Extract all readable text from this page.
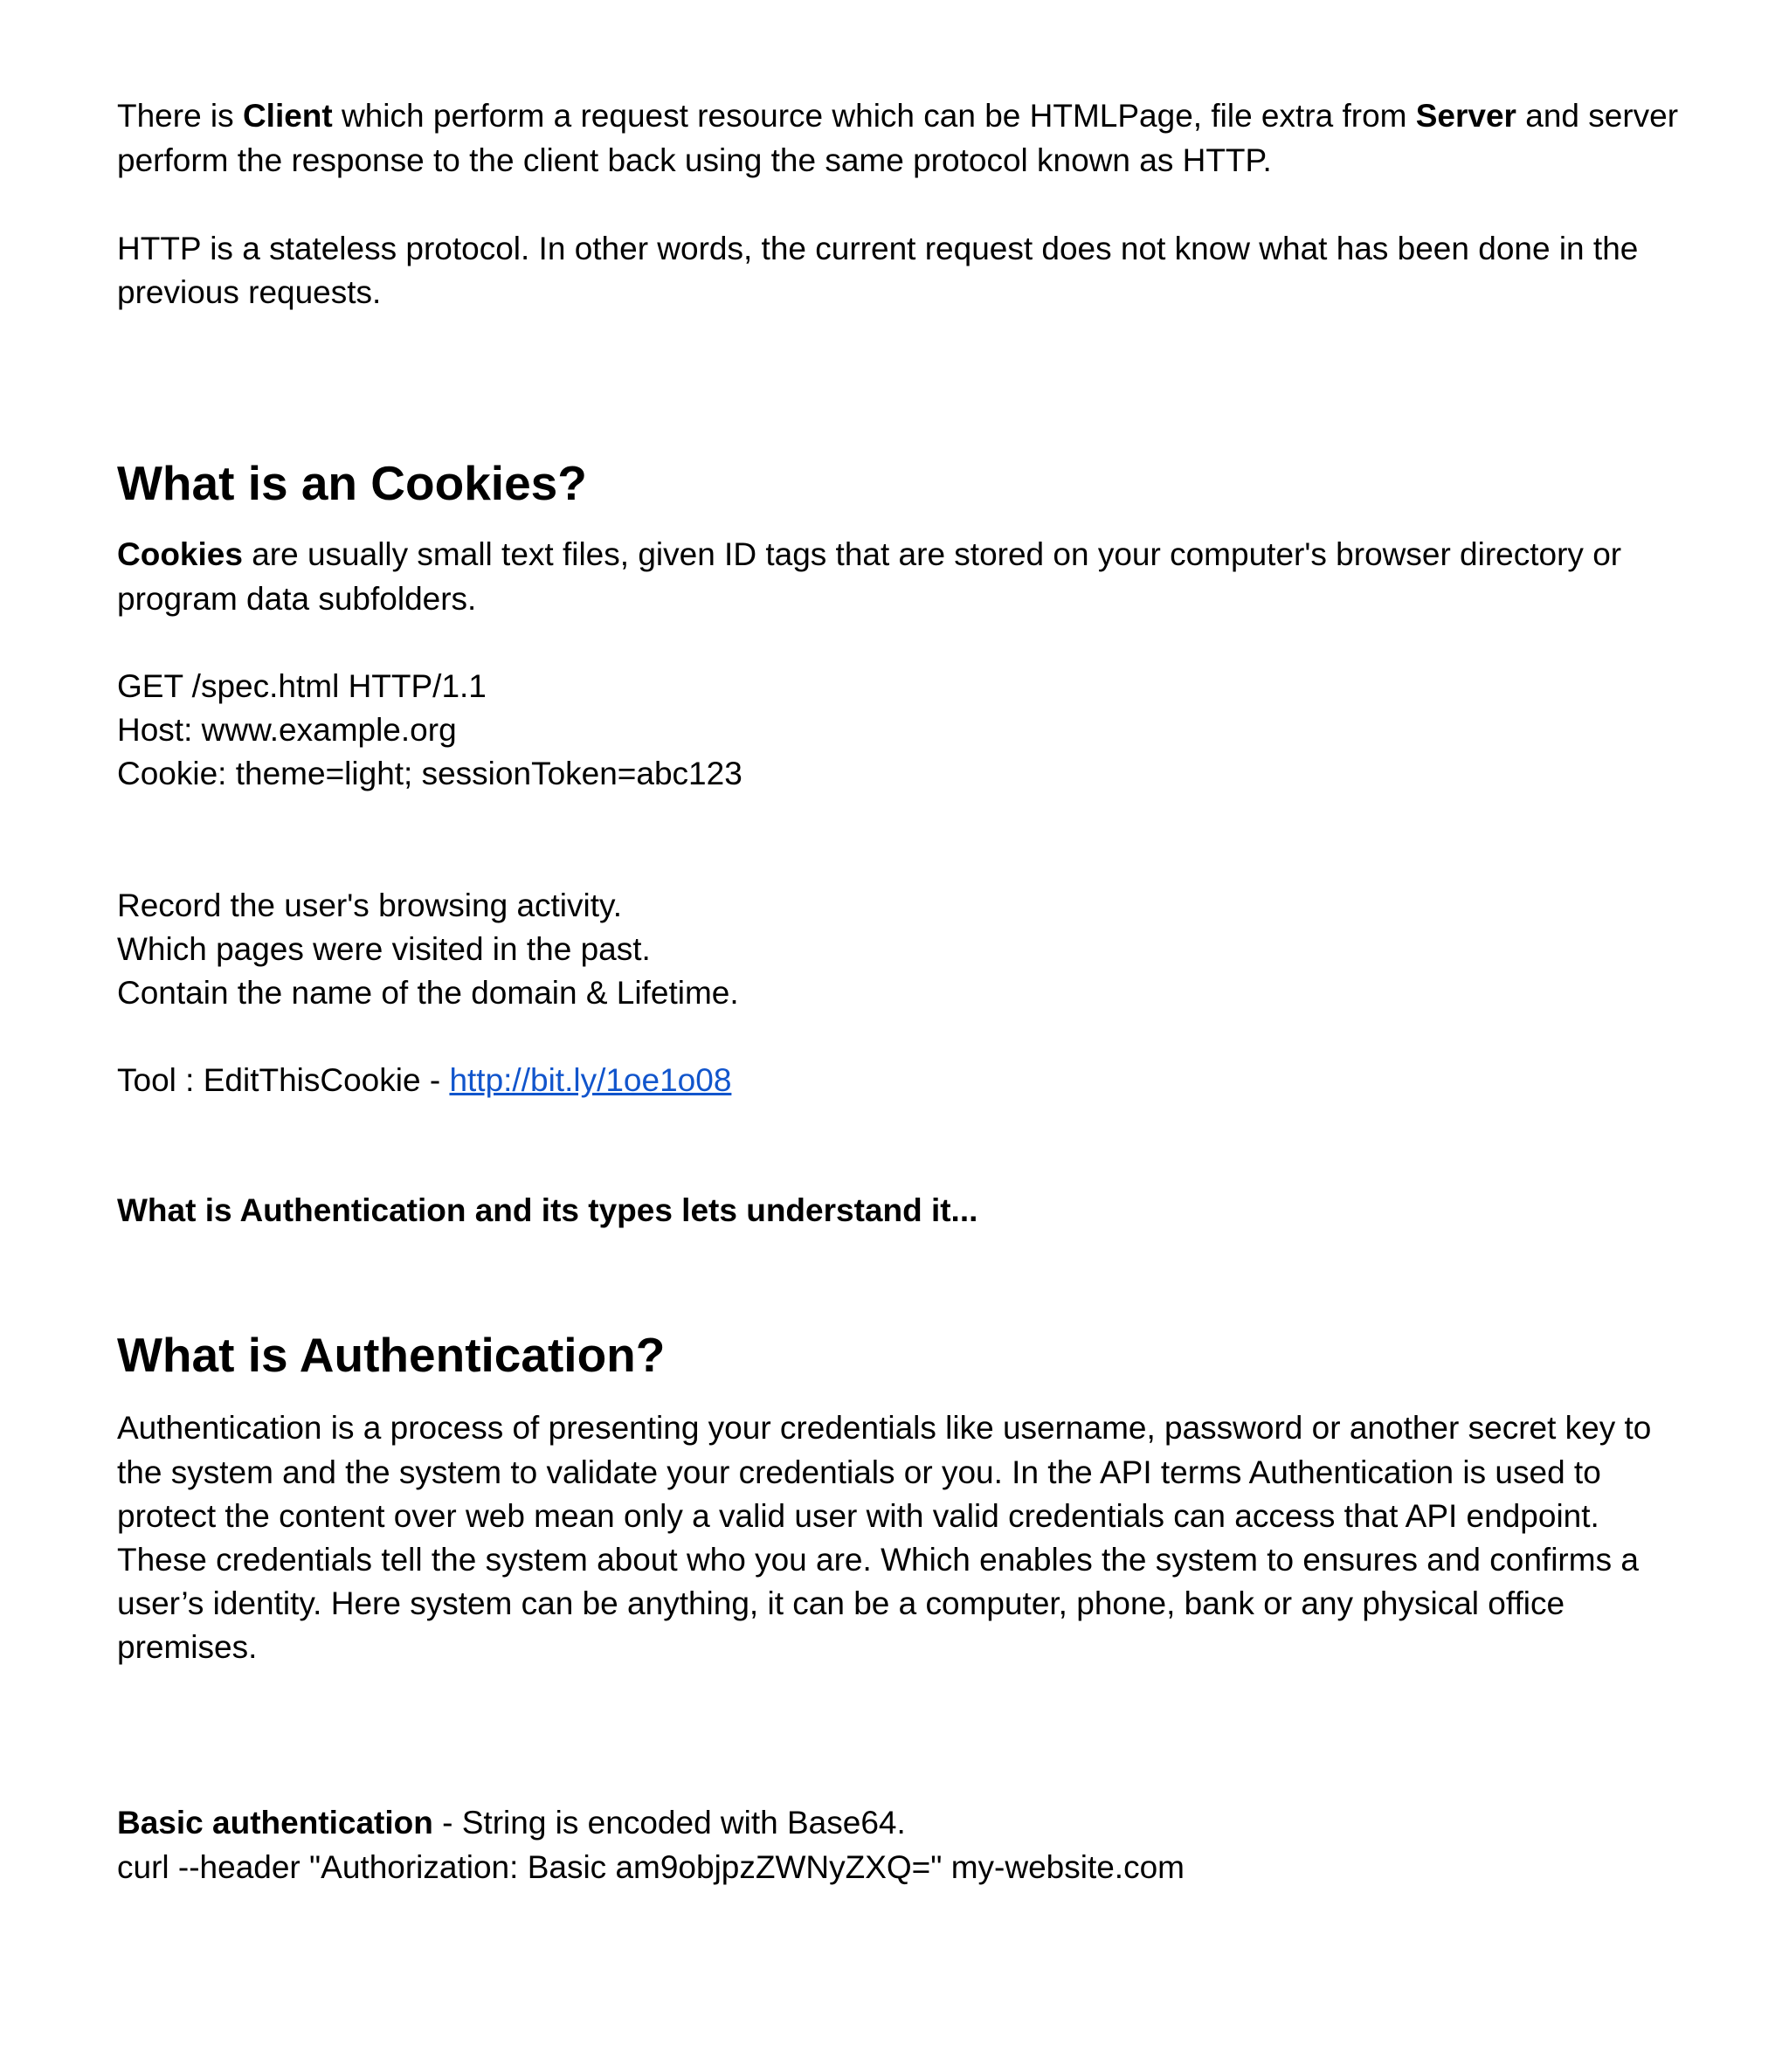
There is Client which perform a request resource which can be HTMLPage, file extra from Server and server

perform the response to the client back using the same protocol known as HTTP.

HTTP is a stateless protocol. In other words, the current request does not know what has been done in the

previous requests.

What is an Cookies?

Cookies are usually small text files, given ID tags that are stored on your computer's browser directory or

program data subfolders.

GET /spec.html HTTP/1.1

Host: www.example.org

Cookie: theme=light; sessionToken=abc123

Record the user's browsing activity.

Which pages were visited in the past.

Contain the name of the domain & Lifetime.

Tool : EditThisCookie - http://bit.ly/1oe1o08

What is Authentication and its types lets understand it...

What is Authentication?

Authentication is a process of presenting your credentials like username, password or another secret key to

the system and the system to validate your credentials or you. In the API terms Authentication is used to

protect the content over web mean only a valid user with valid credentials can access that API endpoint.

These credentials tell the system about who you are. Which enables the system to ensures and confirms a

user’s identity. Here system can be anything, it can be a computer, phone, bank or any physical office

premises.

Basic authentication - String is encoded with Base64.

curl --header "Authorization: Basic am9objpzZWNyZXQ=" my-website.com
